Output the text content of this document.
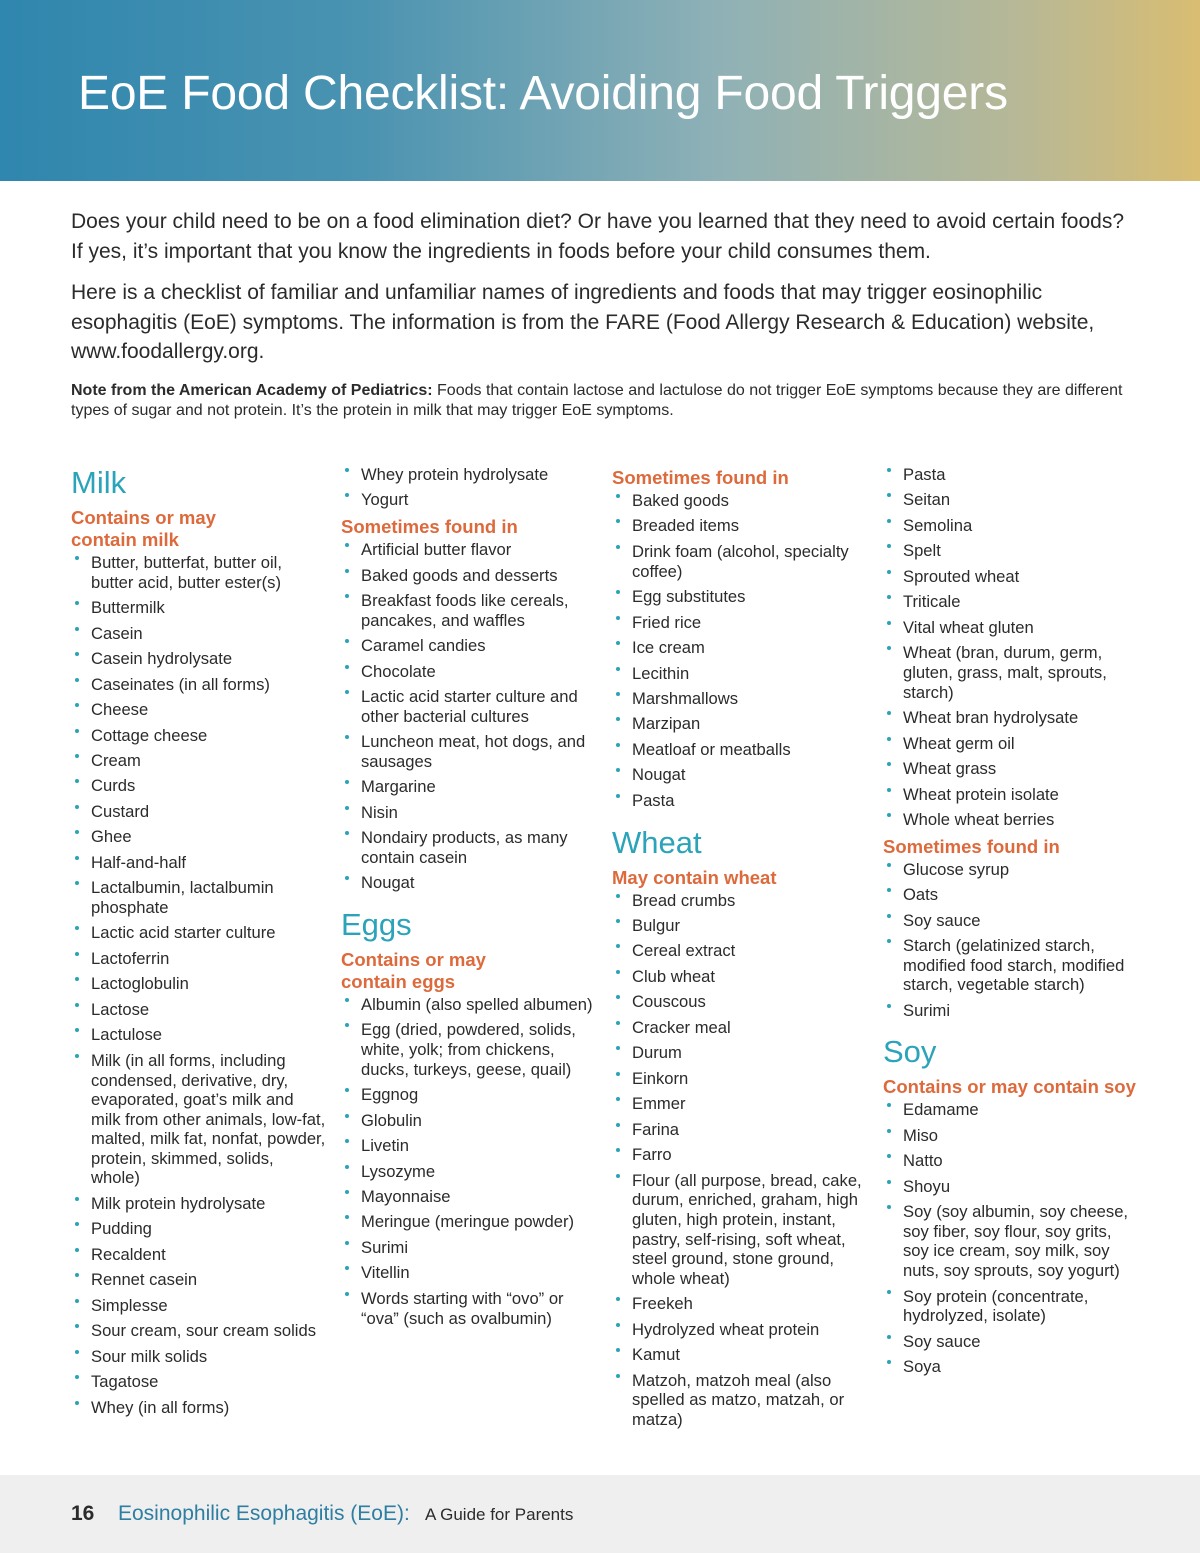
EoE Food Checklist: Avoiding Food Triggers

Does your child need to be on a food elimination diet? Or have you learned that they need to avoid certain foods? If yes, it’s important that you know the ingredients in foods before your child consumes them.

Here is a checklist of familiar and unfamiliar names of ingredients and foods that may trigger eosinophilic esophagitis (EoE) symptoms. The information is from the FARE (Food Allergy Research & Education) website, www.foodallergy.org.

Note from the American Academy of Pediatrics: Foods that contain lactose and lactulose do not trigger EoE symptoms because they are different types of sugar and not protein. It’s the protein in milk that may trigger EoE symptoms.
Milk
Contains or may contain milk
Butter, butterfat, butter oil, butter acid, butter ester(s)
Buttermilk
Casein
Casein hydrolysate
Caseinates (in all forms)
Cheese
Cottage cheese
Cream
Curds
Custard
Ghee
Half-and-half
Lactalbumin, lactalbumin phosphate
Lactic acid starter culture
Lactoferrin
Lactoglobulin
Lactose
Lactulose
Milk (in all forms, including condensed, derivative, dry, evaporated, goat’s milk and milk from other animals, low-fat, malted, milk fat, nonfat, powder, protein, skimmed, solids, whole)
Milk protein hydrolysate
Pudding
Recaldent
Rennet casein
Simplesse
Sour cream, sour cream solids
Sour milk solids
Tagatose
Whey (in all forms)
Whey protein hydrolysate
Yogurt
Sometimes found in
Artificial butter flavor
Baked goods and desserts
Breakfast foods like cereals, pancakes, and waffles
Caramel candies
Chocolate
Lactic acid starter culture and other bacterial cultures
Luncheon meat, hot dogs, and sausages
Margarine
Nisin
Nondairy products, as many contain casein
Nougat
Eggs
Contains or may contain eggs
Albumin (also spelled albumen)
Egg (dried, powdered, solids, white, yolk; from chickens, ducks, turkeys, geese, quail)
Eggnog
Globulin
Livetin
Lysozyme
Mayonnaise
Meringue (meringue powder)
Surimi
Vitellin
Words starting with “ovo” or “ova” (such as ovalbumin)
Sometimes found in
Baked goods
Breaded items
Drink foam (alcohol, specialty coffee)
Egg substitutes
Fried rice
Ice cream
Lecithin
Marshmallows
Marzipan
Meatloaf or meatballs
Nougat
Pasta
Wheat
May contain wheat
Bread crumbs
Bulgur
Cereal extract
Club wheat
Couscous
Cracker meal
Durum
Einkorn
Emmer
Farina
Farro
Flour (all purpose, bread, cake, durum, enriched, graham, high gluten, high protein, instant, pastry, self-rising, soft wheat, steel ground, stone ground, whole wheat)
Freekeh
Hydrolyzed wheat protein
Kamut
Matzoh, matzoh meal (also spelled as matzo, matzah, or matza)
Pasta
Seitan
Semolina
Spelt
Sprouted wheat
Triticale
Vital wheat gluten
Wheat (bran, durum, germ, gluten, grass, malt, sprouts, starch)
Wheat bran hydrolysate
Wheat germ oil
Wheat grass
Wheat protein isolate
Whole wheat berries
Sometimes found in
Glucose syrup
Oats
Soy sauce
Starch (gelatinized starch, modified food starch, modified starch, vegetable starch)
Surimi
Soy
Contains or may contain soy
Edamame
Miso
Natto
Shoyu
Soy (soy albumin, soy cheese, soy fiber, soy flour, soy grits, soy ice cream, soy milk, soy nuts, soy sprouts, soy yogurt)
Soy protein (concentrate, hydrolyzed, isolate)
Soy sauce
Soya
16 Eosinophilic Esophagitis (EoE): A Guide for Parents
